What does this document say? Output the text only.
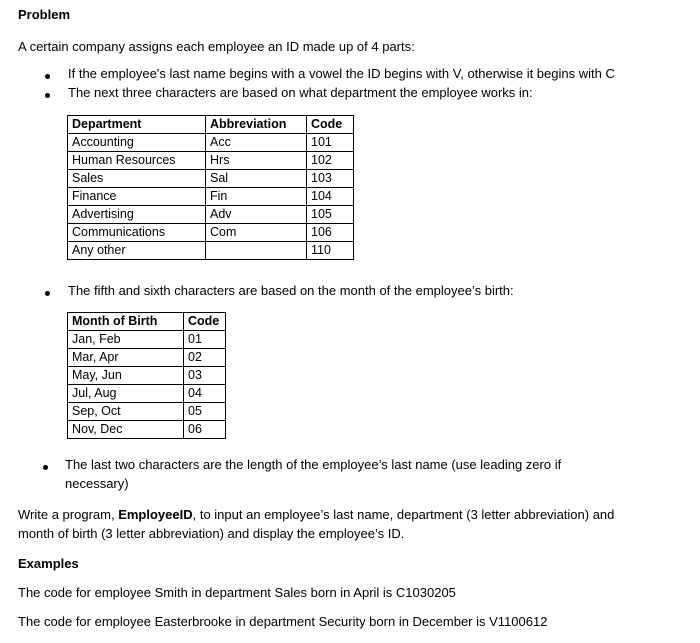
Problem
A certain company assigns each employee an ID made up of 4 parts:
If the employee's last name begins with a vowel the ID begins with V, otherwise it begins with C
The next three characters are based on what department the employee works in:
Department	Abbreviation	Code
Accounting	Acc	101
Human Resources	Hrs	102
Sales	Sal	103
Finance	Fin	104
Advertising	Adv	105
Communications	Com	106
Any other		110
The fifth and sixth characters are based on the month of the employee’s birth:
Month of Birth	Code
Jan, Feb	01
Mar, Apr	02
May, Jun	03
Jul, Aug	04
Sep, Oct	05
Nov, Dec	06
The last two characters are the length of the employee’s last name (use leading zero if
necessary)
Write a program, EmployeeID, to input an employee’s last name, department (3 letter abbreviation) and
month of birth (3 letter abbreviation) and display the employee’s ID.
Examples
The code for employee Smith in department Sales born in April is C1030205
The code for employee Easterbrooke in department Security born in December is V1100612
